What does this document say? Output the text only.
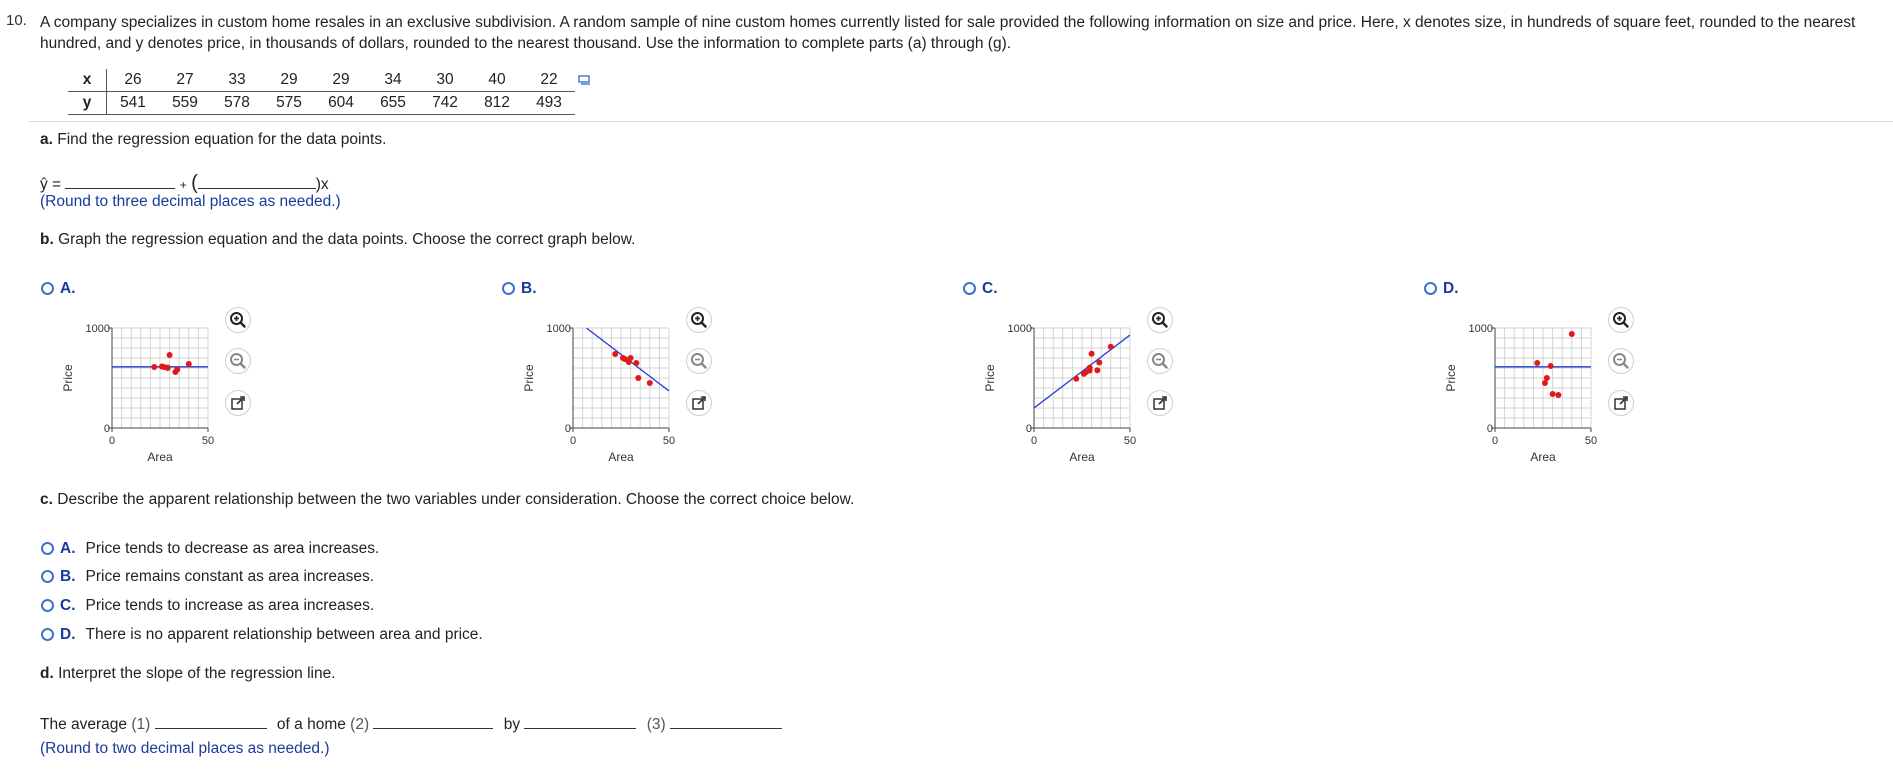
10. A company specializes in custom home resales in an exclusive subdivision. A random sample of nine custom homes currently listed for sale provided the following information on size and price. Here, x denotes size, in hundreds of square feet, rounded to the nearest hundred, and y denotes price, in thousands of dollars, rounded to the nearest thousand. Use the information to complete parts (a) through (g).
x	26	27	33	29	29	34	30	40	22
y	541	559	578	575	604	655	742	812	493
a. Find the regression equation for the data points.
ŷ =	+ (	)x
(Round to three decimal places as needed.)
b. Graph the regression equation and the data points. Choose the correct graph below.
A.
1000
0
0	50
Area
Price
B.
1000
0
0	50
Area
Price
C.
1000
0
0	50
Area
Price
D.
1000
0
0	50
Area
Price
c. Describe the apparent relationship between the two variables under consideration. Choose the correct choice below.
A. Price tends to decrease as area increases.
B. Price remains constant as area increases.
C. Price tends to increase as area increases.
D. There is no apparent relationship between area and price.
d. Interpret the slope of the regression line.
The average (1)	of a home (2)	by	(3)
(Round to two decimal places as needed.)
